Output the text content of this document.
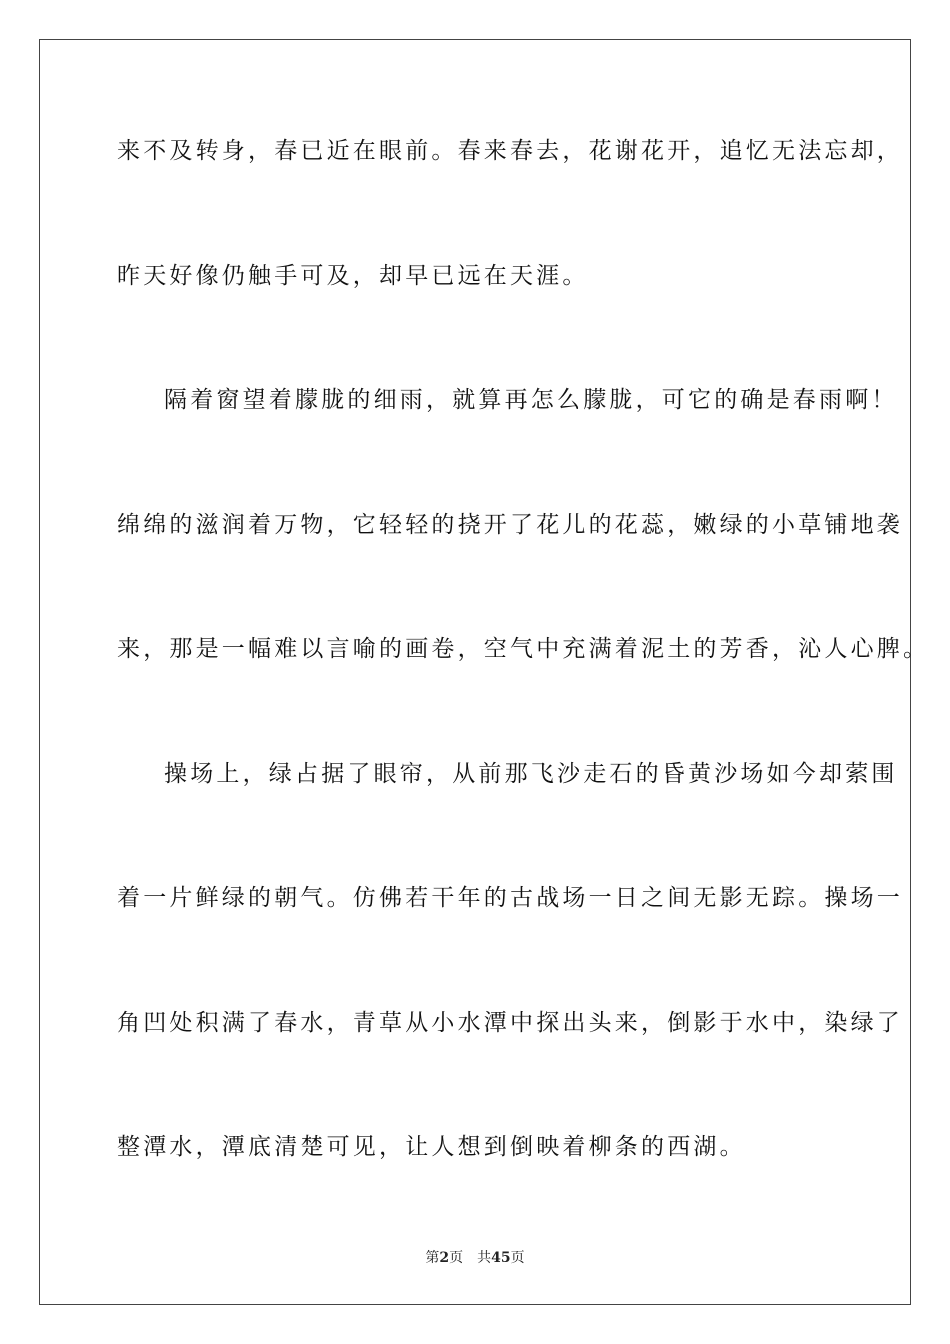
来不及转身，春已近在眼前。春来春去，花谢花开，追忆无法忘却，
昨天好像仍触手可及，却早已远在天涯。
隔着窗望着朦胧的细雨，就算再怎么朦胧，可它的确是春雨啊！
绵绵的滋润着万物，它轻轻的挠开了花儿的花蕊，嫩绿的小草铺地袭
来，那是一幅难以言喻的画卷，空气中充满着泥土的芳香，沁人心脾。
操场上，绿占据了眼帘，从前那飞沙走石的昏黄沙场如今却萦围
着一片鲜绿的朝气。仿佛若干年的古战场一日之间无影无踪。操场一
角凹处积满了春水，青草从小水潭中探出头来，倒影于水中，染绿了
整潭水，潭底清楚可见，让人想到倒映着柳条的西湖。
第2页 共45页
